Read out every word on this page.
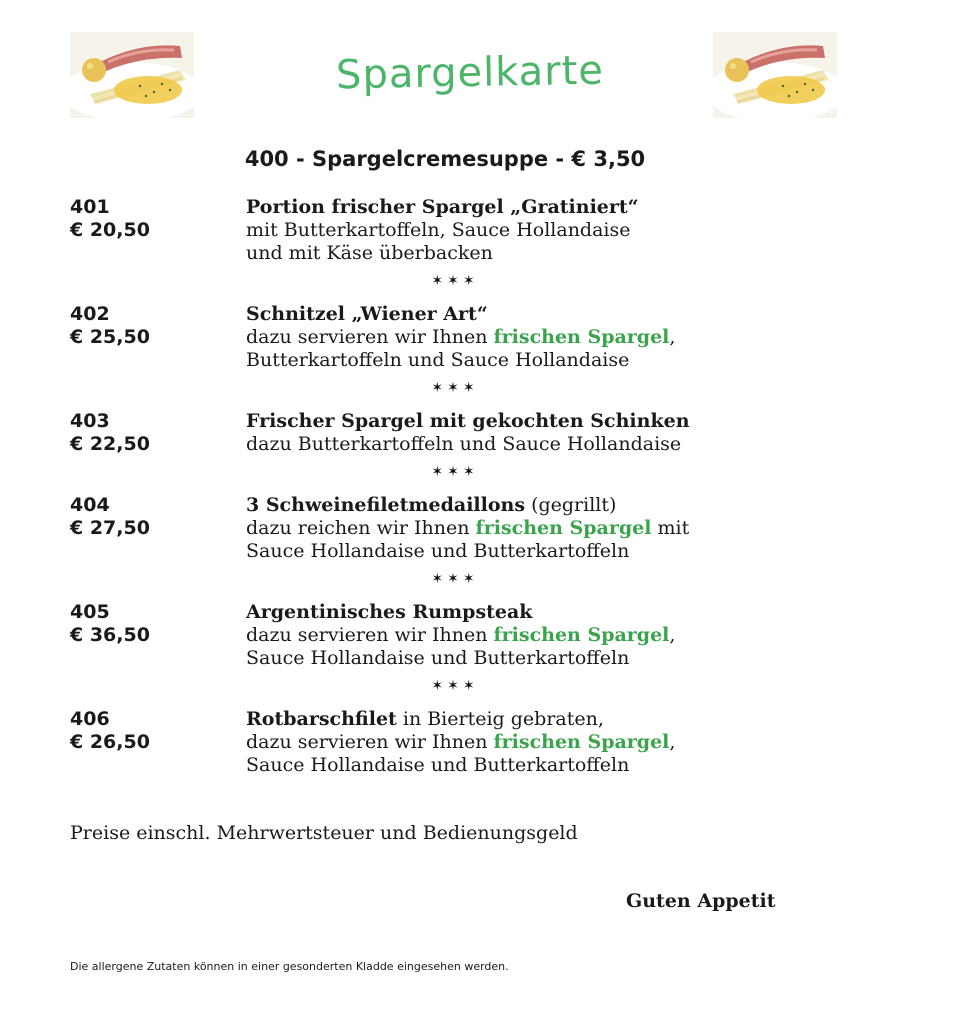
Spargelkarte
400 - Spargelcremesuppe - € 3,50
401
€ 20,50
Portion frischer Spargel „Gratiniert“
mit Butterkartoffeln, Sauce Hollandaise
und mit Käse überbacken
✶✶✶
402
€ 25,50
Schnitzel „Wiener Art“
dazu servieren wir Ihnen frischen Spargel,
Butterkartoffeln und Sauce Hollandaise
✶✶✶
403
€ 22,50
Frischer Spargel mit gekochten Schinken
dazu Butterkartoffeln und Sauce Hollandaise
✶✶✶
404
€ 27,50
3 Schweinefiletmedaillons (gegrillt)
dazu reichen wir Ihnen frischen Spargel mit
Sauce Hollandaise und Butterkartoffeln
✶✶✶
405
€ 36,50
Argentinisches Rumpsteak
dazu servieren wir Ihnen frischen Spargel,
Sauce Hollandaise und Butterkartoffeln
✶✶✶
406
€ 26,50
Rotbarschfilet in Bierteig gebraten,
dazu servieren wir Ihnen frischen Spargel,
Sauce Hollandaise und Butterkartoffeln
Preise einschl. Mehrwertsteuer und Bedienungsgeld
Guten Appetit
Die allergene Zutaten können in einer gesonderten Kladde eingesehen werden.
